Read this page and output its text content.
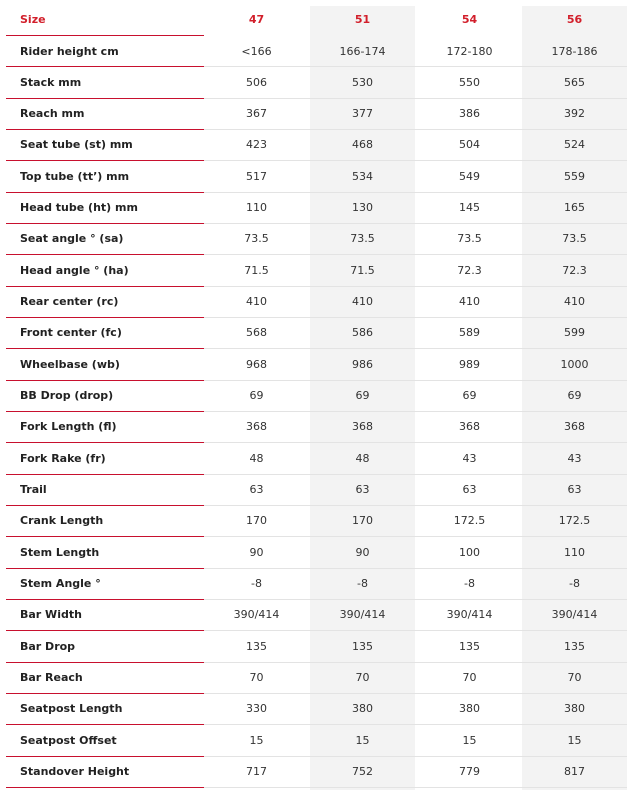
Size	47	51	54	56
Rider height cm	<166	166-174	172-180	178-186
Stack mm	506	530	550	565
Reach mm	367	377	386	392
Seat tube (st) mm	423	468	504	524
Top tube (tt’) mm	517	534	549	559
Head tube (ht) mm	110	130	145	165
Seat angle ° (sa)	73.5	73.5	73.5	73.5
Head angle ° (ha)	71.5	71.5	72.3	72.3
Rear center (rc)	410	410	410	410
Front center (fc)	568	586	589	599
Wheelbase (wb)	968	986	989	1000
BB Drop (drop)	69	69	69	69
Fork Length (fl)	368	368	368	368
Fork Rake (fr)	48	48	43	43
Trail	63	63	63	63
Crank Length	170	170	172.5	172.5
Stem Length	90	90	100	110
Stem Angle °	-8	-8	-8	-8
Bar Width	390/414	390/414	390/414	390/414
Bar Drop	135	135	135	135
Bar Reach	70	70	70	70
Seatpost Length	330	380	380	380
Seatpost Offset	15	15	15	15
Standover Height	717	752	779	817
